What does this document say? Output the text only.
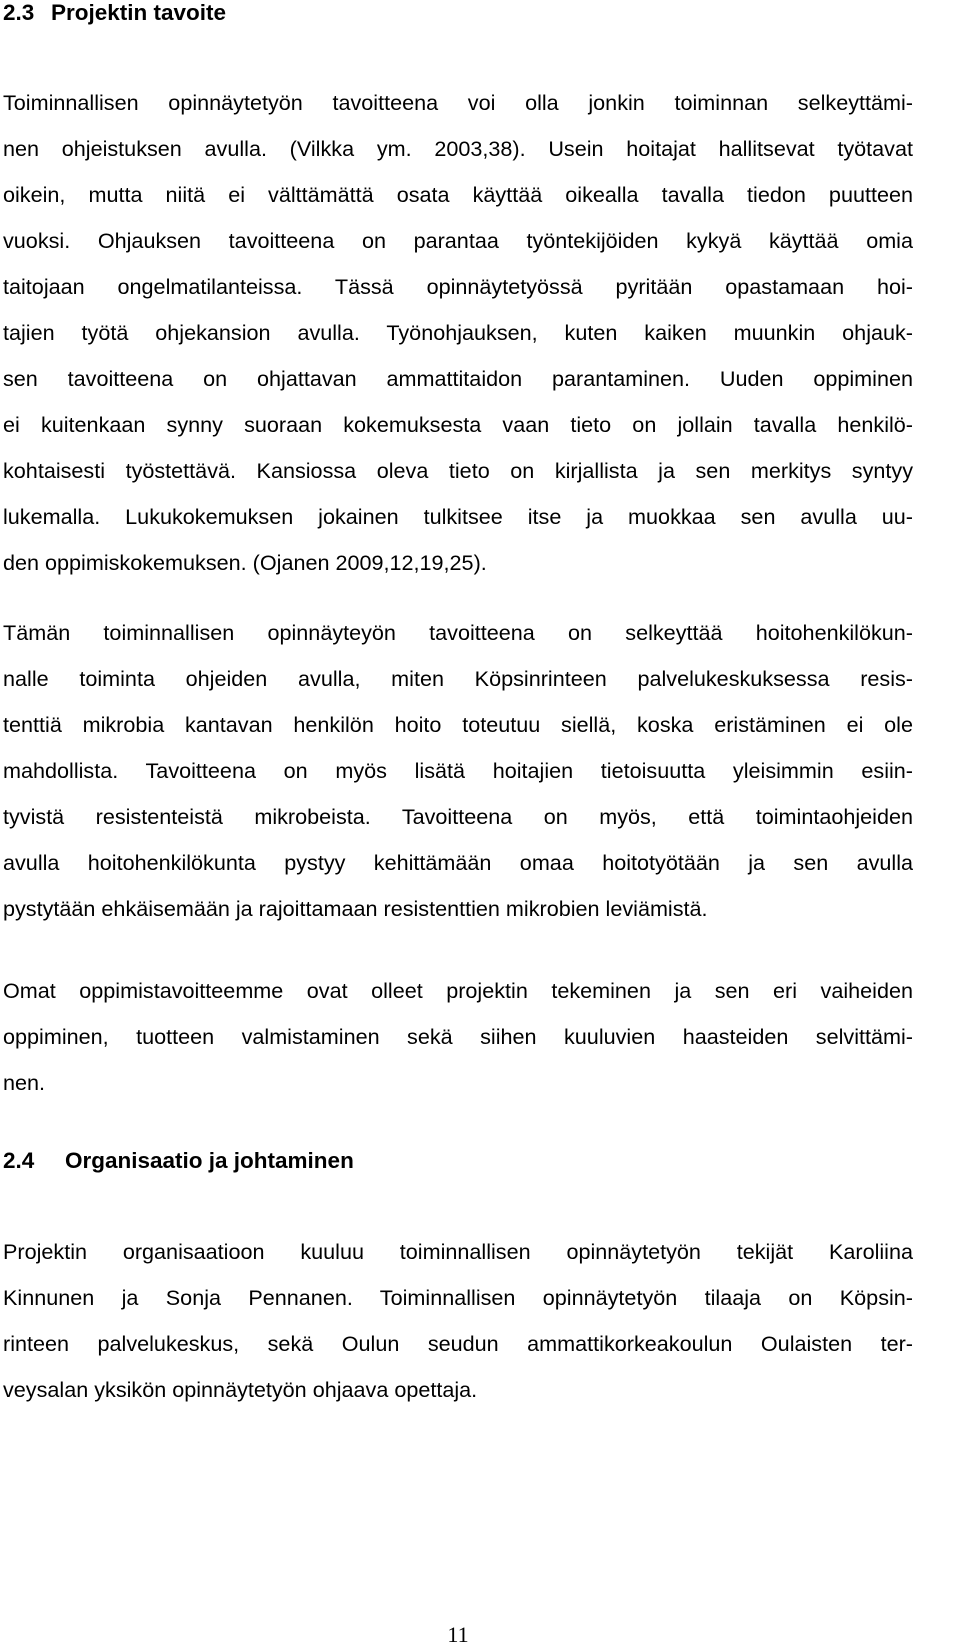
2.3 Projektin tavoite
Toiminnallisen opinnäytetyön tavoitteena voi olla jonkin toiminnan selkeyttämi-
nen ohjeistuksen avulla. (Vilkka ym. 2003,38). Usein hoitajat hallitsevat työtavat
oikein, mutta niitä ei välttämättä osata käyttää oikealla tavalla tiedon puutteen
vuoksi. Ohjauksen tavoitteena on parantaa työntekijöiden kykyä käyttää omia
taitojaan ongelmatilanteissa. Tässä opinnäytetyössä pyritään opastamaan hoi-
tajien työtä ohjekansion avulla. Työnohjauksen, kuten kaiken muunkin ohjauk-
sen tavoitteena on ohjattavan ammattitaidon parantaminen. Uuden oppiminen
ei kuitenkaan synny suoraan kokemuksesta vaan tieto on jollain tavalla henkilö-
kohtaisesti työstettävä. Kansiossa oleva tieto on kirjallista ja sen merkitys syntyy
lukemalla. Lukukokemuksen jokainen tulkitsee itse ja muokkaa sen avulla uu-
den oppimiskokemuksen. (Ojanen 2009,12,19,25).
Tämän toiminnallisen opinnäyteyön tavoitteena on selkeyttää hoitohenkilökun-
nalle toiminta ohjeiden avulla, miten Köpsinrinteen palvelukeskuksessa resis-
tenttiä mikrobia kantavan henkilön hoito toteutuu siellä, koska eristäminen ei ole
mahdollista. Tavoitteena on myös lisätä hoitajien tietoisuutta yleisimmin esiin-
tyvistä resistenteistä mikrobeista. Tavoitteena on myös, että toimintaohjeiden
avulla hoitohenkilökunta pystyy kehittämään omaa hoitotyötään ja sen avulla
pystytään ehkäisemään ja rajoittamaan resistenttien mikrobien leviämistä.
Omat oppimistavoitteemme ovat olleet projektin tekeminen ja sen eri vaiheiden
oppiminen, tuotteen valmistaminen sekä siihen kuuluvien haasteiden selvittämi-
nen.
2.4 Organisaatio ja johtaminen
Projektin organisaatioon kuuluu toiminnallisen opinnäytetyön tekijät Karoliina
Kinnunen ja Sonja Pennanen. Toiminnallisen opinnäytetyön tilaaja on Köpsin-
rinteen palvelukeskus, sekä Oulun seudun ammattikorkeakoulun Oulaisten ter-
veysalan yksikön opinnäytetyön ohjaava opettaja.
11
